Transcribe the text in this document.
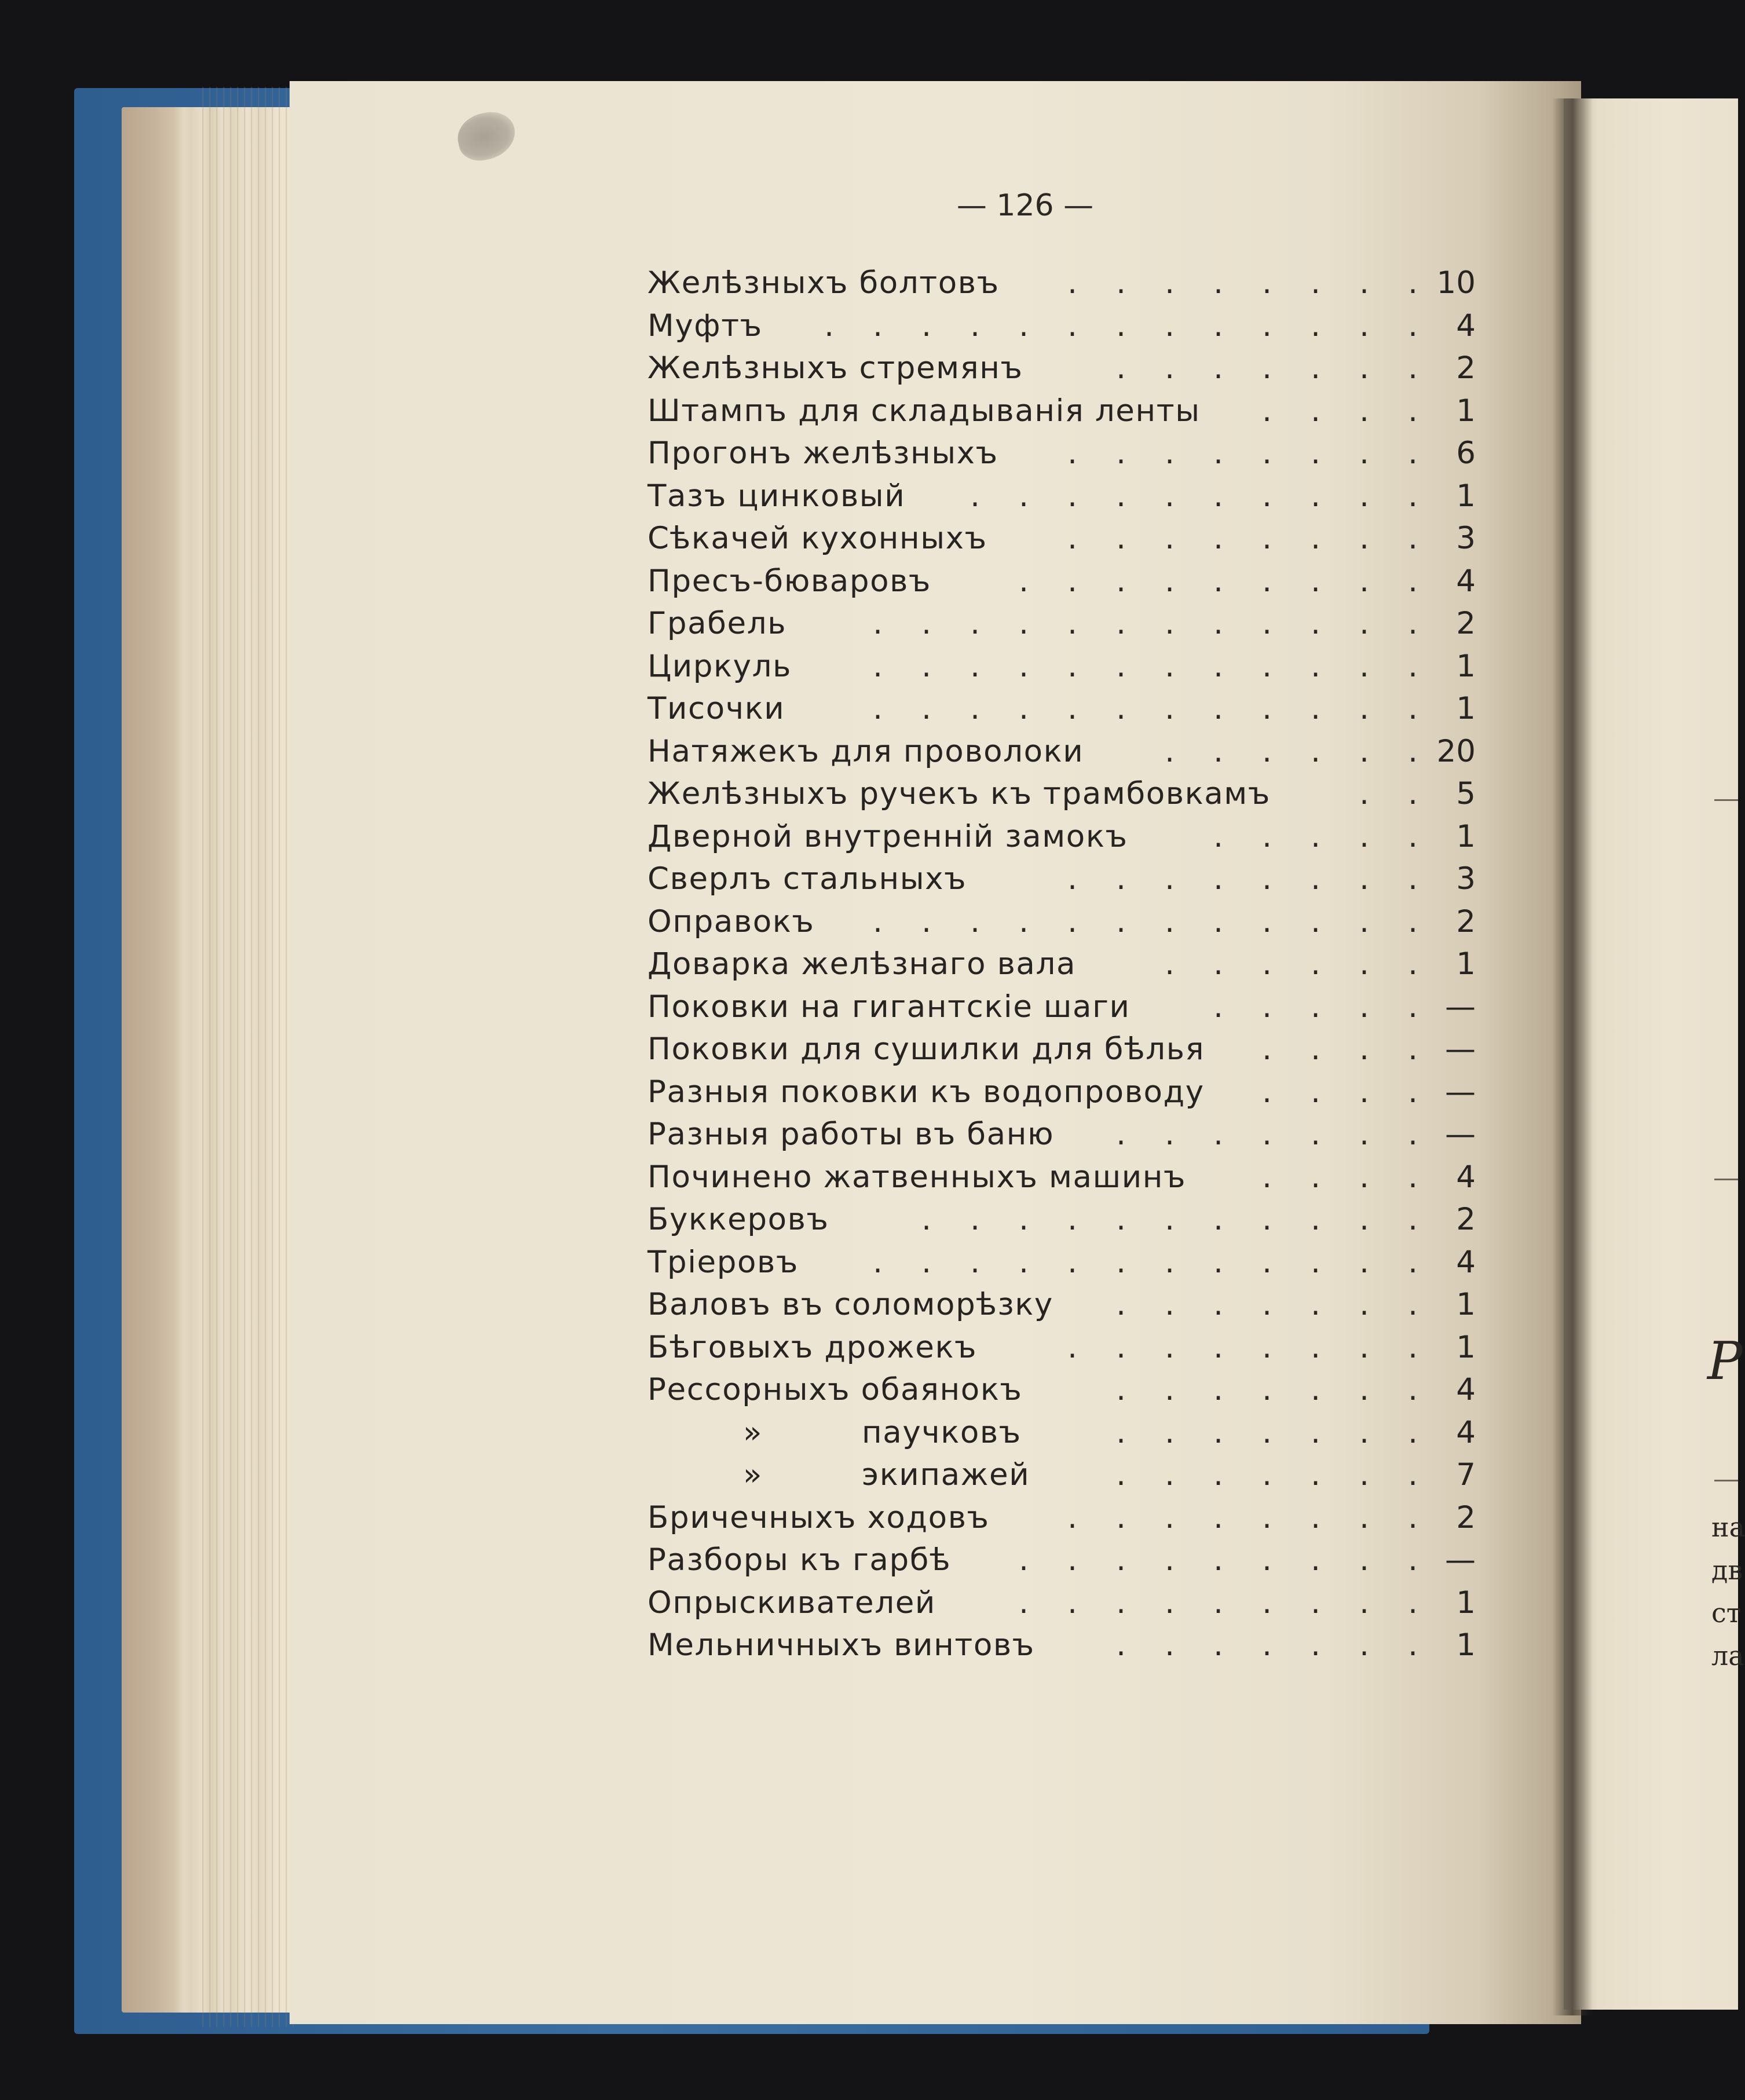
— 126 —
.
.
.
.
.
.
.
.
Желѣзныхъ болтовъ	10
.
.
.
.
.
.
.
.
.
.
.
.
.
Муфтъ	4
.
.
.
.
.
.
.
Желѣзныхъ стремянъ	2
.
.
.
.
Штампъ для складыванія ленты	1
.
.
.
.
.
.
.
.
Прогонъ желѣзныхъ	6
.
.
.
.
.
.
.
.
.
.
Тазъ цинковый	1
.
.
.
.
.
.
.
.
Сѣкачей кухонныхъ	3
.
.
.
.
.
.
.
.
.
Пресъ-бюваровъ	4
.
.
.
.
.
.
.
.
.
.
.
.
Грабель	2
.
.
.
.
.
.
.
.
.
.
.
.
Циркуль	1
.
.
.
.
.
.
.
.
.
.
.
.
Тисочки	1
.
.
.
.
.
.
Натяжекъ для проволоки	20
.
.
Желѣзныхъ ручекъ къ трамбовкамъ	5
.
.
.
.
.
Дверной внутренній замокъ	1
.
.
.
.
.
.
.
.
Сверлъ стальныхъ	3
.
.
.
.
.
.
.
.
.
.
.
.
Оправокъ	2
.
.
.
.
.
.
Доварка желѣзнаго вала	1
.
.
.
.
.
Поковки на гигантскіе шаги	—
.
.
.
.
Поковки для сушилки для бѣлья	—
.
.
.
.
Разныя поковки къ водопроводу	—
.
.
.
.
.
.
.
Разныя работы въ баню	—
.
.
.
.
Починено жатвенныхъ машинъ	4
.
.
.
.
.
.
.
.
.
.
.
Буккеровъ	2
.
.
.
.
.
.
.
.
.
.
.
.
Тріеровъ	4
.
.
.
.
.
.
.
Валовъ въ соломорѣзку	1
.
.
.
.
.
.
.
.
Бѣговыхъ дрожекъ	1
.
.
.
.
.
.
.
Рессорныхъ обаянокъ	4
.
.
.
.
.
.
.
»	паучковъ	4
.
.
.
.
.
.
.
»	экипажей	7
.
.
.
.
.
.
.
.
Бричечныхъ ходовъ	2
.
.
.
.
.
.
.
.
.
Разборы къ гарбѣ	—
.
.
.
.
.
.
.
.
.
Опрыскивателей	1
.
.
.
.
.
.
.
Мельничныхъ винтовъ	1
Р
на
дв
ст
ла
